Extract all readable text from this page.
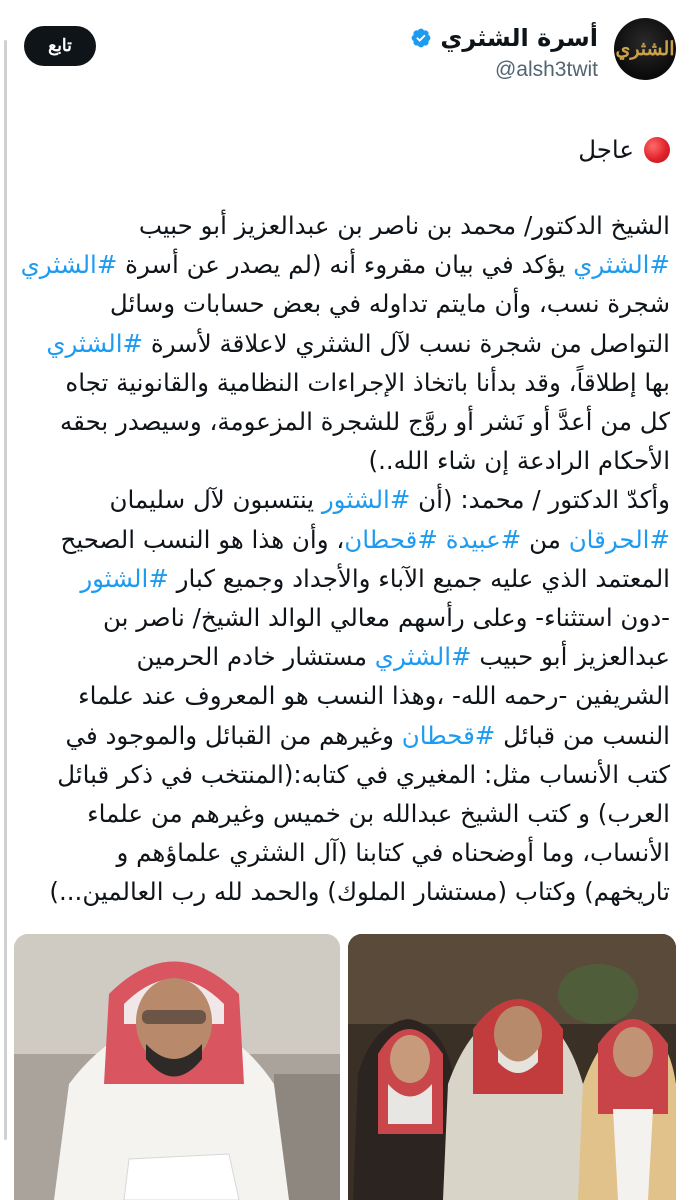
الشثري
أسرة الشثري
@alsh3twit
تابع
عاجل

الشيخ الدكتور/ محمد بن ناصر بن عبدالعزيز أبو حبيب

#الشثري يؤكد في بيان مقروء أنه (لم يصدر عن أسرة #الشثري

شجرة نسب، وأن مايتم تداوله في بعض حسابات وسائل

التواصل من شجرة نسب لآل الشثري لاعلاقة لأسرة #الشثري

بها إطلاقاً، وقد بدأنا باتخاذ الإجراءات النظامية والقانونية تجاه

كل من أعدَّ أو نَشر أو روَّج للشجرة المزعومة، وسيصدر بحقه

الأحكام الرادعة إن شاء الله..)

وأكدّ الدكتور / محمد: (أن #الشثور ينتسبون لآل سليمان

#الحرقان من #عبيدة #قحطان، وأن هذا هو النسب الصحيح

المعتمد الذي عليه جميع الآباء والأجداد وجميع كبار #الشثور

-دون استثناء- وعلى رأسهم معالي الوالد الشيخ/ ناصر بن

عبدالعزيز أبو حبيب #الشثري مستشار خادم الحرمين

الشريفين -رحمه الله- ،وهذا النسب هو المعروف عند علماء

النسب من قبائل #قحطان وغيرهم من القبائل والموجود في

كتب الأنساب مثل: المغيري في كتابه:(المنتخب في ذكر قبائل

العرب) و كتب الشيخ عبدالله بن خميس وغيرهم من علماء

الأنساب، وما أوضحناه في كتابنا (آل الشثري علماؤهم و

تاريخهم) وكتاب (مستشار الملوك) والحمد لله رب العالمين...)
